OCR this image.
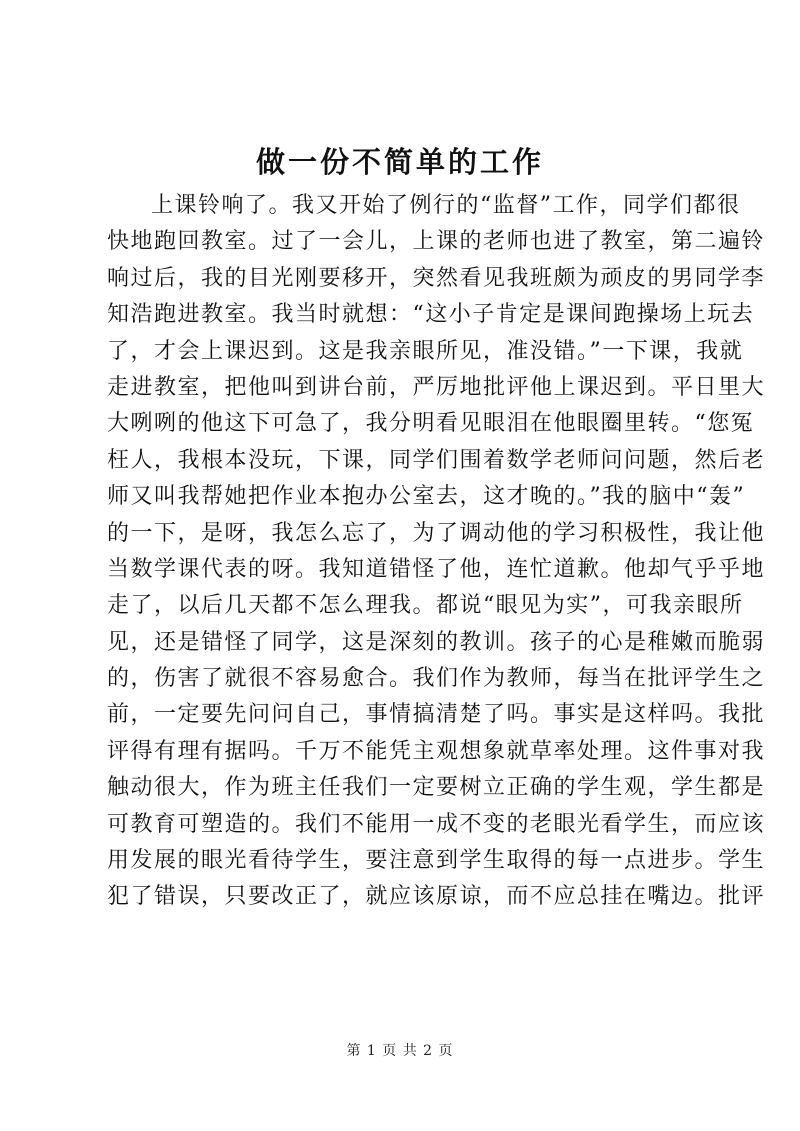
做一份不简单的工作
上课铃响了。我又开始了例行的“监督”工作，同学们都很
快地跑回教室。过了一会儿，上课的老师也进了教室，第二遍铃
响过后，我的目光刚要移开，突然看见我班颇为顽皮的男同学李
知浩跑进教室。我当时就想：“这小子肯定是课间跑操场上玩去
了，才会上课迟到。这是我亲眼所见，准没错。”一下课，我就
走进教室，把他叫到讲台前，严厉地批评他上课迟到。平日里大
大咧咧的他这下可急了，我分明看见眼泪在他眼圈里转。“您冤
枉人，我根本没玩，下课，同学们围着数学老师问问题，然后老
师又叫我帮她把作业本抱办公室去，这才晚的。”我的脑中“轰”
的一下，是呀，我怎么忘了，为了调动他的学习积极性，我让他
当数学课代表的呀。我知道错怪了他，连忙道歉。他却气乎乎地
走了，以后几天都不怎么理我。都说“眼见为实”，可我亲眼所
见，还是错怪了同学，这是深刻的教训。孩子的心是稚嫩而脆弱
的，伤害了就很不容易愈合。我们作为教师，每当在批评学生之
前，一定要先问问自己，事情搞清楚了吗。事实是这样吗。我批
评得有理有据吗。千万不能凭主观想象就草率处理。这件事对我
触动很大，作为班主任我们一定要树立正确的学生观，学生都是
可教育可塑造的。我们不能用一成不变的老眼光看学生，而应该
用发展的眼光看待学生，要注意到学生取得的每一点进步。学生
犯了错误，只要改正了，就应该原谅，而不应总挂在嘴边。批评
第 1 页 共 2 页
